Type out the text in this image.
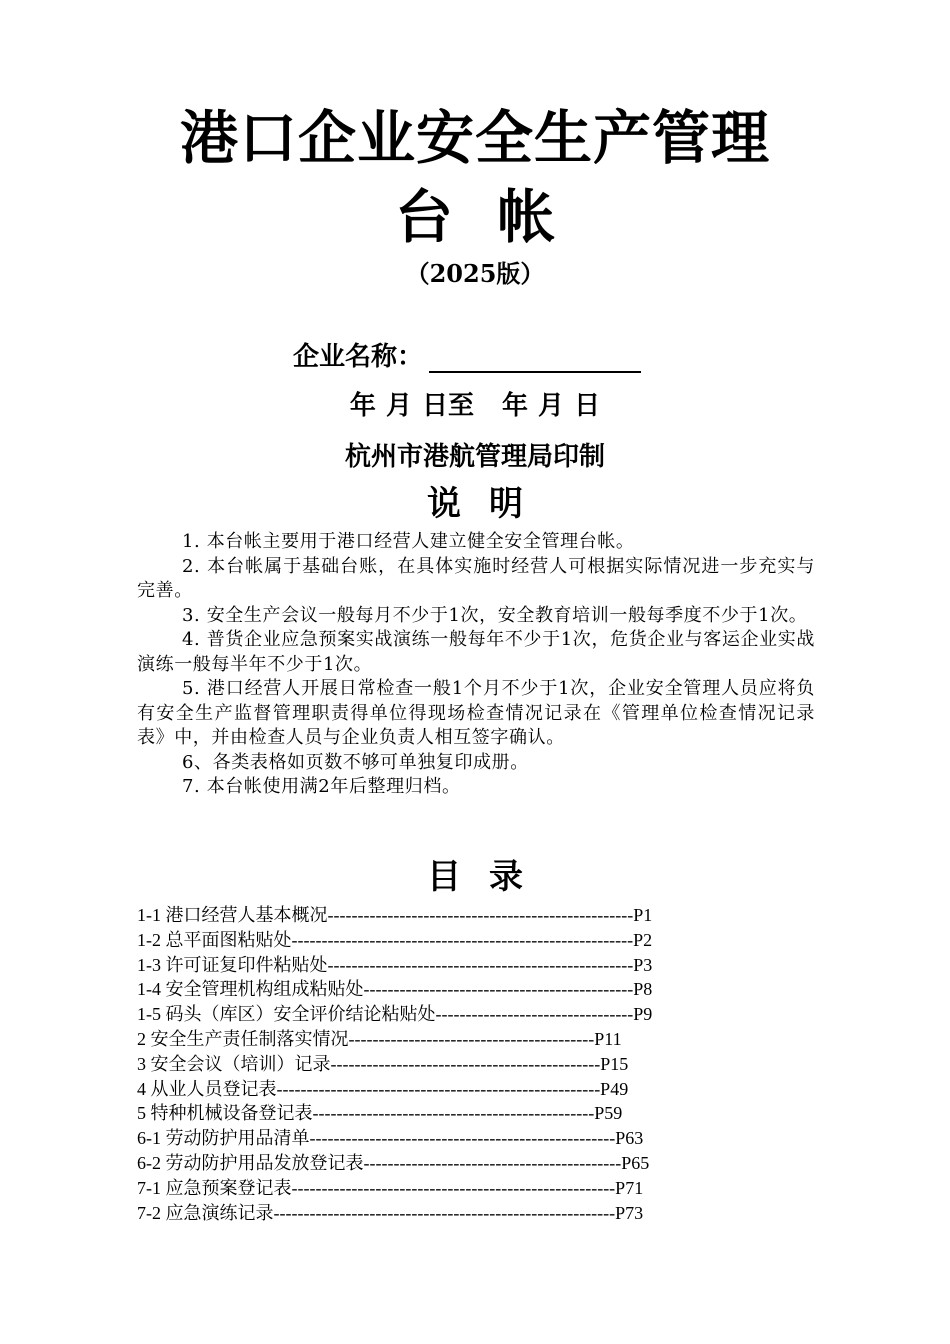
港口企业安全生产管理
台 帐
（2025版）
企业名称：
年 月 日至 年 月 日
杭州市港航管理局印制
说 明

1. 本台帐主要用于港口经营人建立健全安全管理台帐。

2. 本台帐属于基础台账，在具体实施时经营人可根据实际情况进一步充实与完善。

3. 安全生产会议一般每月不少于1次，安全教育培训一般每季度不少于1次。

4. 普货企业应急预案实战演练一般每年不少于1次，危货企业与客运企业实战演练一般每半年不少于1次。

5. 港口经营人开展日常检查一般1个月不少于1次，企业安全管理人员应将负有安全生产监督管理职责得单位得现场检查情况记录在《管理单位检查情况记录表》中，并由检查人员与企业负责人相互签字确认。

6、各类表格如页数不够可单独复印成册。

7. 本台帐使用满2年后整理归档。

目 录
1-1 港口经营人基本概况---------------------------------------------------P1
1-2 总平面图粘贴处---------------------------------------------------------P2
1-3 许可证复印件粘贴处---------------------------------------------------P3
1-4 安全管理机构组成粘贴处---------------------------------------------P8
1-5 码头（库区）安全评价结论粘贴处---------------------------------P9
2 安全生产责任制落实情况-----------------------------------------P11
3 安全会议（培训）记录---------------------------------------------P15
4 从业人员登记表------------------------------------------------------P49
5 特种机械设备登记表-----------------------------------------------P59
6-1 劳动防护用品清单---------------------------------------------------P63
6-2 劳动防护用品发放登记表-------------------------------------------P65
7-1 应急预案登记表------------------------------------------------------P71
7-2 应急演练记录---------------------------------------------------------P73
